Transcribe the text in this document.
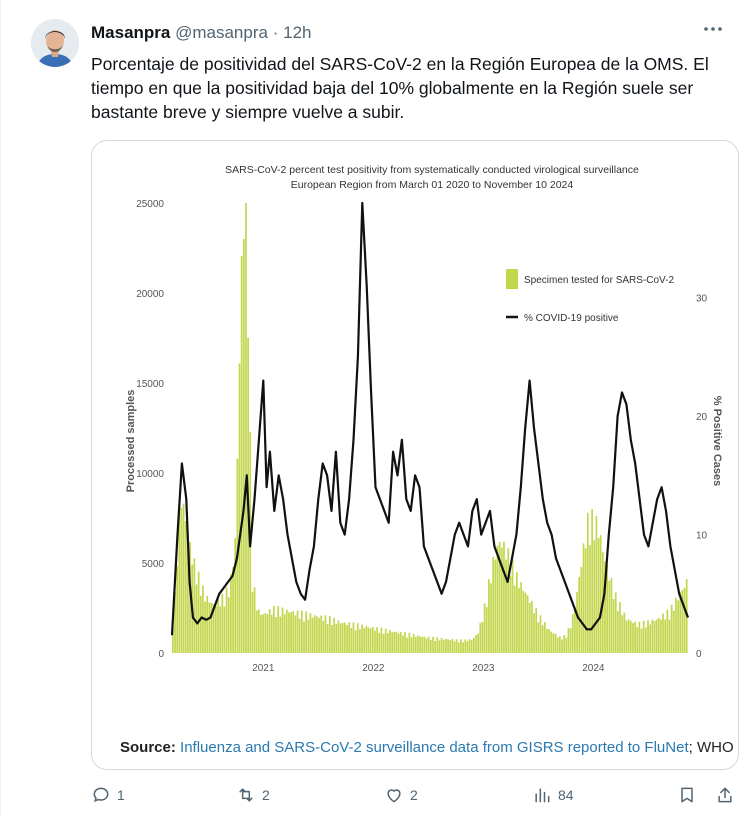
Masanpra @masanpra · 12h
Porcentaje de positividad del SARS-CoV-2 en la Región Europea de la OMS. El tiempo en que la positividad baja del 10% globalmente en la Región suele ser bastante breve y siempre vuelve a subir.
SARS-CoV-2 percent test positivity from systematically conducted virological surveillance
European Region from March 01 2020 to November 10 2024
Processed samples	% Positive Cases
0
5000
10000
15000
20000
25000
0
10
20
30
2021	2022	2023	2024
Specimen tested for SARS-CoV-2
% COVID-19 positive
Source: Influenza and SARS-CoV-2 surveillance data from GISRS reported to FluNet; WHO
1	2	2	84
